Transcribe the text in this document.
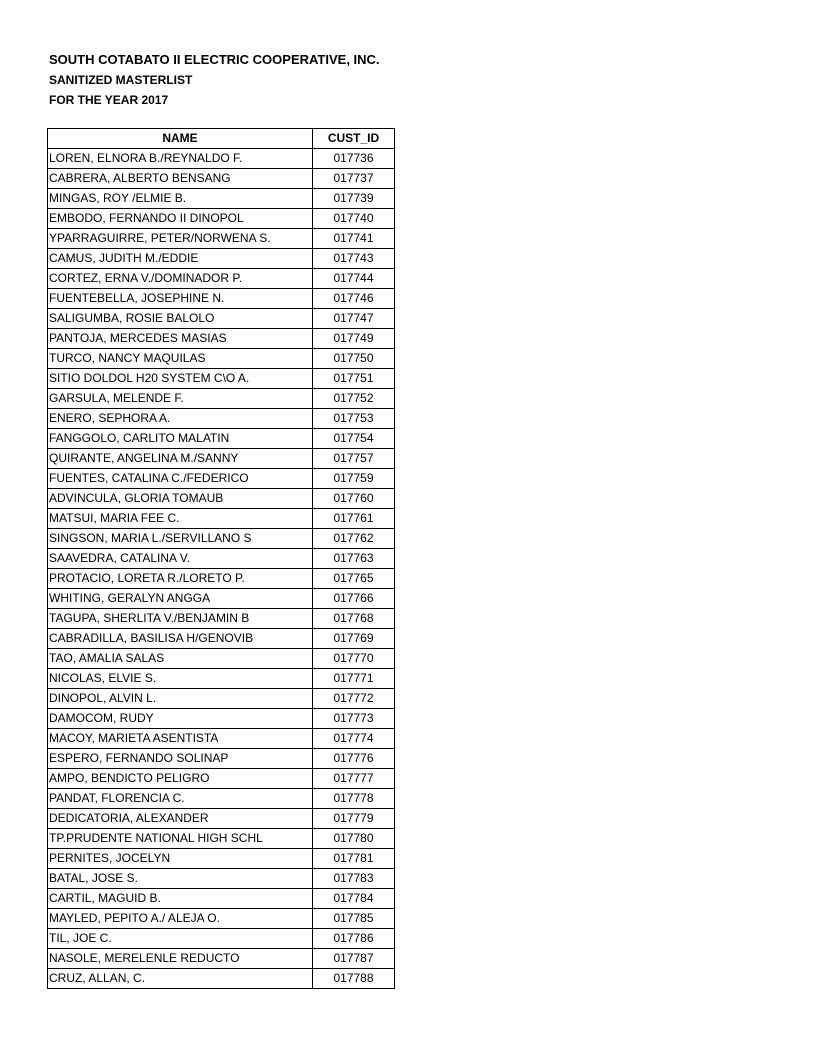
SOUTH COTABATO II ELECTRIC COOPERATIVE, INC.
SANITIZED MASTERLIST
FOR THE YEAR 2017
NAME	CUST_ID
LOREN, ELNORA B./REYNALDO F.	017736
CABRERA, ALBERTO BENSANG	017737
MINGAS, ROY /ELMIE B.	017739
EMBODO, FERNANDO II DINOPOL	017740
YPARRAGUIRRE, PETER/NORWENA S.	017741
CAMUS, JUDITH M./EDDIE	017743
CORTEZ, ERNA V./DOMINADOR P.	017744
FUENTEBELLA, JOSEPHINE N.	017746
SALIGUMBA, ROSIE BALOLO	017747
PANTOJA, MERCEDES MASIAS	017749
TURCO, NANCY MAQUILAS	017750
SITIO DOLDOL H20 SYSTEM C\O A.	017751
GARSULA, MELENDE F.	017752
ENERO, SEPHORA A.	017753
FANGGOLO, CARLITO MALATIN	017754
QUIRANTE, ANGELINA M./SANNY	017757
FUENTES, CATALINA C./FEDERICO	017759
ADVINCULA, GLORIA TOMAUB	017760
MATSUI, MARIA FEE C.	017761
SINGSON, MARIA L./SERVILLANO S	017762
SAAVEDRA, CATALINA V.	017763
PROTACIO, LORETA R./LORETO P.	017765
WHITING, GERALYN ANGGA	017766
TAGUPA, SHERLITA V./BENJAMIN B	017768
CABRADILLA, BASILISA H/GENOVIB	017769
TAO, AMALIA SALAS	017770
NICOLAS, ELVIE S.	017771
DINOPOL, ALVIN L.	017772
DAMOCOM, RUDY	017773
MACOY, MARIETA ASENTISTA	017774
ESPERO, FERNANDO SOLINAP	017776
AMPO, BENDICTO PELIGRO	017777
PANDAT, FLORENCIA C.	017778
DEDICATORIA, ALEXANDER	017779
TP.PRUDENTE NATIONAL HIGH SCHL	017780
PERNITES, JOCELYN	017781
BATAL, JOSE S.	017783
CARTIL, MAGUID B.	017784
MAYLED, PEPITO A./ ALEJA O.	017785
TIL, JOE C.	017786
NASOLE, MERELENLE REDUCTO	017787
CRUZ, ALLAN, C.	017788
